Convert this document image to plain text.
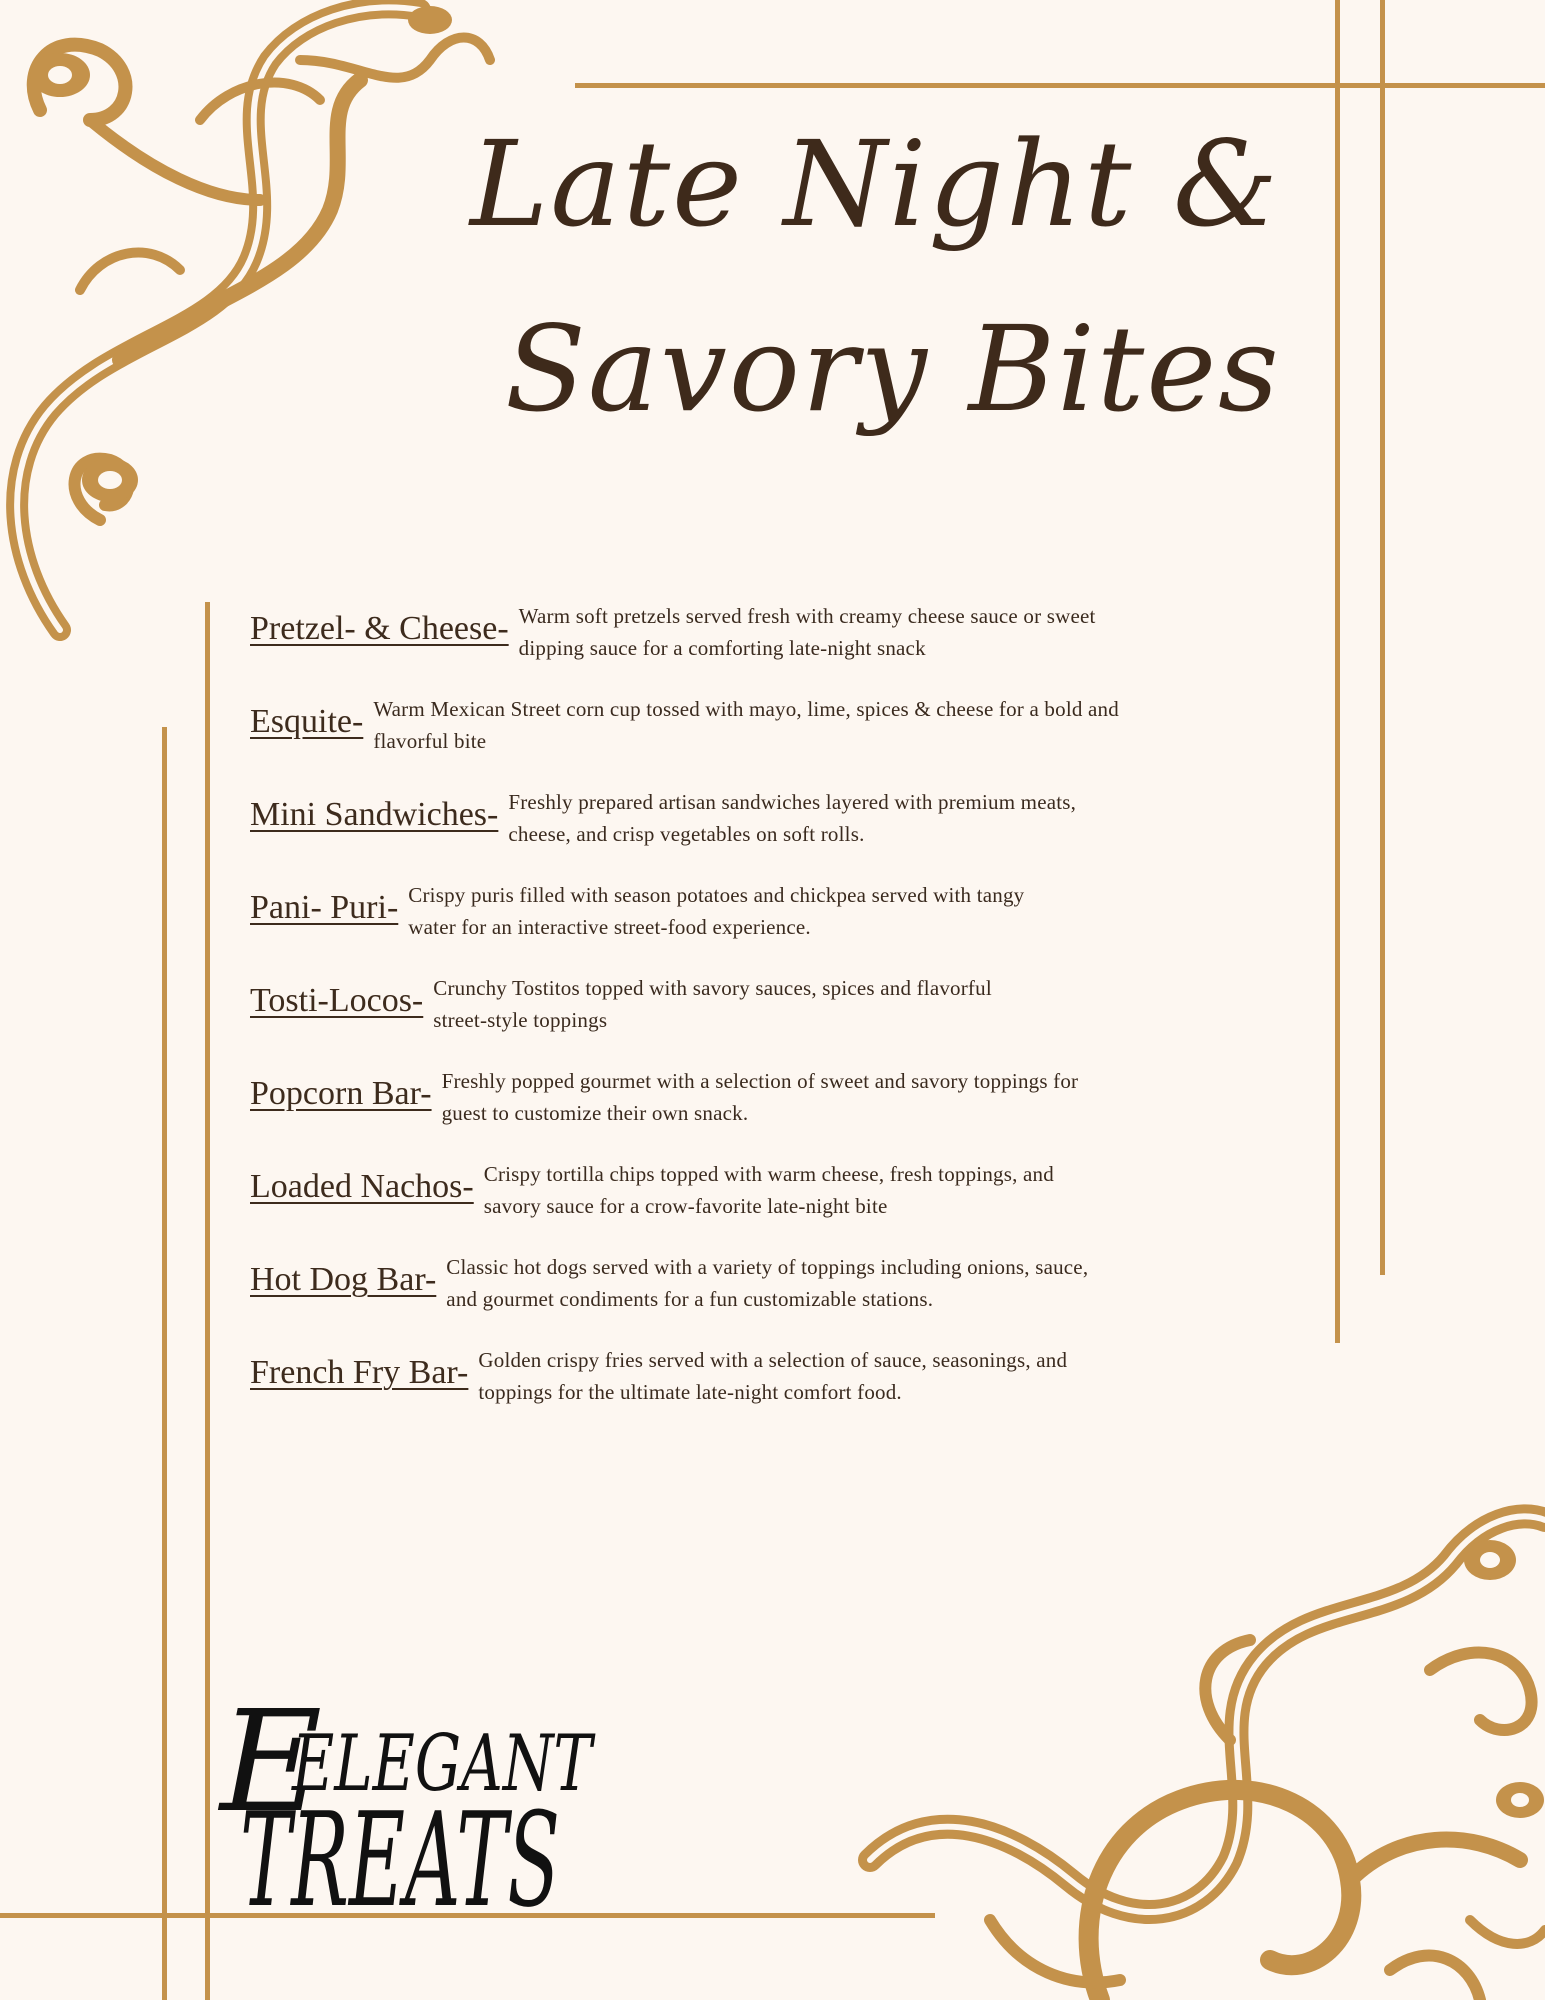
Late Night &
Savory Bites
Pretzel- & Cheese- Warm soft pretzels served fresh with creamy cheese sauce or sweet
dipping sauce for a comforting late-night snack
Esquite- Warm Mexican Street corn cup tossed with mayo, lime, spices & cheese for a bold and
flavorful bite
Mini Sandwiches- Freshly prepared artisan sandwiches layered with premium meats,
cheese, and crisp vegetables on soft rolls.
Pani- Puri- Crispy puris filled with season potatoes and chickpea served with tangy
water for an interactive street-food experience.
Tosti-Locos- Crunchy Tostitos topped with savory sauces, spices and flavorful
street-style toppings
Popcorn Bar- Freshly popped gourmet with a selection of sweet and savory toppings for
guest to customize their own snack.
Loaded Nachos- Crispy tortilla chips topped with warm cheese, fresh toppings, and
savory sauce for a crow-favorite late-night bite
Hot Dog Bar- Classic hot dogs served with a variety of toppings including onions, sauce,
and gourmet condiments for a fun customizable stations.
French Fry Bar- Golden crispy fries served with a selection of sauce, seasonings, and
toppings for the ultimate late-night comfort food.
E
ELEGANT
TREATS
